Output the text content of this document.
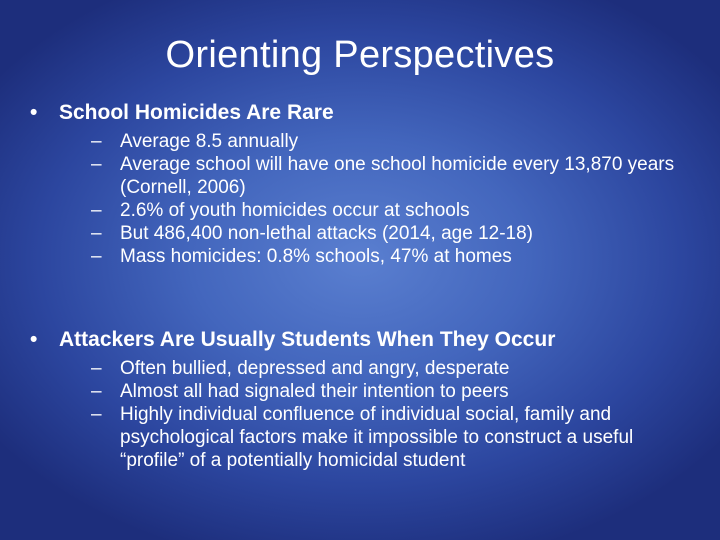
Orienting Perspectives
•	School Homicides Are Rare
– Average 8.5 annually
– Average school will have one school homicide every 13,870 years (Cornell, 2006)
– 2.6% of youth homicides occur at schools
– But 486,400 non-lethal attacks (2014, age 12-18)
– Mass homicides: 0.8% schools, 47% at homes
•	Attackers Are Usually Students When They Occur
– Often bullied, depressed and angry, desperate
– Almost all had signaled their intention to peers
– Highly individual confluence of individual social, family and psychological factors make it impossible to construct a useful “profile” of a potentially homicidal student
